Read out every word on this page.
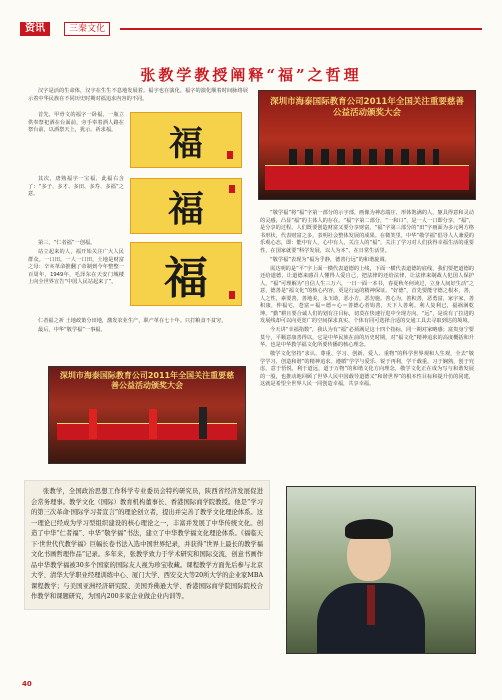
资讯	三秦文化
张教学教授阐释“福”之哲理

汉字是活的生命体，汉字在生生不息地发展着。福字也在演化。福字的演化顺着时间脉络展示着中华民族在不同历史时期对福追求内容的不同。

首先，甲骨文的福字一卧福，一瓶立供奉祭祀酒在台面前，旁手奉着酒人路在祭台前，以酒祭天上，犹示。祈求福。 福

其次，唐熟福字一宝福，此福右含了：“多子、多才、多田、多寿、多福”之意。	福

第三，“仁者福”一创福。

站立起来的人，福开始关注广大人民群众。一口田。一人一口田，土地是财富之母：辛亥革命推翻了帝制到今年整整一百周年，1949年，毛泽东在天安门城楼上向全世界宣告“中国人民站起来了”。 福

仁者福之祈 土地政策分田地，激发农业生产，职产革在七十年。只打粮食不贫穷。

最后，中华“敬学福”一事福。

深圳市海泰国际教育公司2011年全国关注重要慈善公益活动颁奖大会
深圳市海泰国际教育公司2011年全国关注重要慈善公益活动颁奖大会

“敬学福”将“福”字第一部分的示字部，画像为神态端庄、形体饱满的人，躯具得意和灵动的灵感，凸显“福”的主体人的存在。“福”字第二部分，“一和口”，是一人一口即分享，“福”，是分享的过程。人们既要创造财富又要分享财富。“福”字第三部分的“田”字画面为多元网方格书形状，代表财富之多，表明社会整体发展的成果。在微笑里，中华“敬学福”倡导人人兼爱的乐观心态，即：能中有人，心中有人，关注人的“福”，关注了学习对人们获得幸福生活的重要性，在国家就要“科学发展，以人为本”，在日常生活里。

“敬学福”表现为“福为乎静，德善行远”的和谐旋调。

需达明的是“平”字上面一横代表道德的上线，下面一横代表道德的底线，我们要把道德的还给道德，让道德来感召人懂得人爱自己，把法律的还给法律，让法律来制裁人犯国人保护人。“福”可理解为“自信人生三万六，一日一面一本书，春夏秋冬何读过，立身人间好生活”之意，德善是“福文化”的核心内容，更是行运的精神保证。“好德”，首先要能守德之根本，善，人之性，素要善，善地美，永玉助，恶小方，恶勿施。善心为，善积善，恶勇富，家宇家，善积康，仲福宅，苍富＝福＝德＝心＝善德心者钩善，天下人善利。利人复利已，福祸满乾坤。“勤”耕且要合诚人们的划有注目标，切莫在快速行进中全现方向。“远”，是说有了拉进的发展线却可以向更宽广的空间探求真实。个体有同可选择合适的交通工具去寻取到达的境境。

今天讲“幸福指数”，我认为有“福”必须满足这十四个指标，同一期对家略感；富贵身宁要莫兮，平顺意康善得以，它是中华民族在前的历史时期，对“福文化”精神追求的高度概括和升华。也是中华教学福文化所要传播的核心理念。

敬学文化坚持“求认、尊重、学习、创新、爱人、重物”的科学世界观和人生观，全去“敬学学习，创造和谐”的精神追求。遵循“学学与爱乐、锐于再利，学千载重，习于娴熟，创于究虑，意于悟悦，利于道远，道于万物”的和谐文化方向理念，敬学文化正在成为写与和谐发展的一股，也推动地回顾了世界人民中国载导道德义“和谐世界”的根本性目标和提升仿的同建，这就是希望全世界人民一同创造幸福，共享幸福。

张教学，全国政治思想工作科学专业委员会特约研究员，陕西省经济发展促进会常务理事。教学文化（国际）教育机构董事长、香港国际商学院教授。他是“学习的第三次革命·国际学习者宣言”的理论创立者，提出并完善了教学文化理论体系。这一理论已经成为学习型组织建设的核心理论之一，丰富并发展了中华传统文化。创造了中华“仁者福”、中华“敬学福”书法，建立了中华教学福文化理论体系。《福临天下·世世代代教学福》巨幅长卷书法入选中国世界纪录，并获得“世界上最长的教学福文化书画哲理作品”记录。多年来，张教学致力于学术研究和国际交流，创意书画作品中华教学福被30多个国家的国际友人视为珍宝收藏。课程教学方面先后参与北京大学、清华大学职业经理训练中心、厦门大学、西安交大等20所大学的企业家MBA课程教学；与美国亚洲经济研究院、美国乔佛逊大学、香港国际商学院国际院校合作教学和课题研究，为国内200多家企业做企业内训等。
40
